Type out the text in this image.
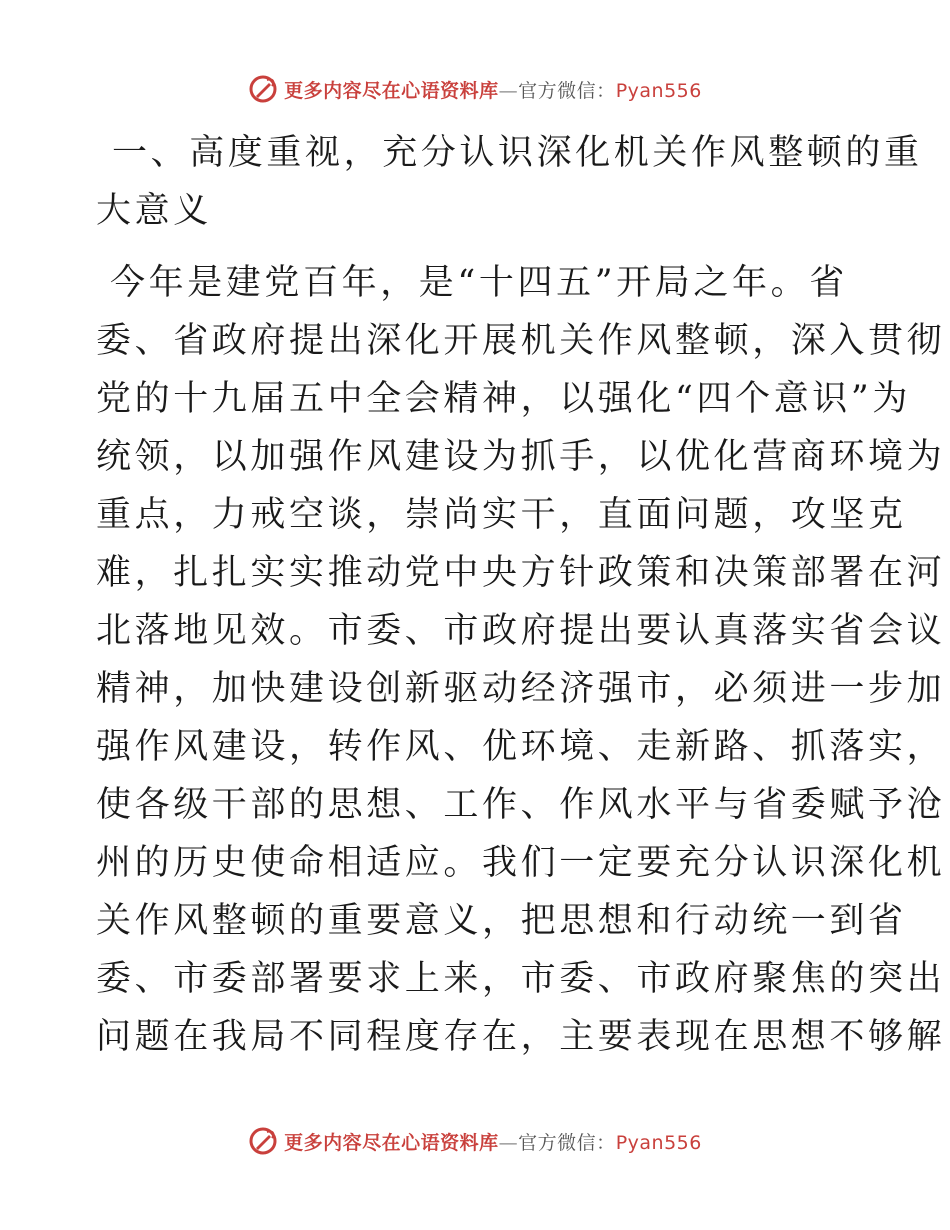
更多内容尽在心语资料库—官方微信：Pyan556
一、高度重视，充分认识深化机关作风整顿的重
大意义
今年是建党百年，是“十四五”开局之年。省
委、省政府提出深化开展机关作风整顿，深入贯彻
党的十九届五中全会精神，以强化“四个意识”为
统领，以加强作风建设为抓手，以优化营商环境为
重点，力戒空谈，崇尚实干，直面问题，攻坚克
难，扎扎实实推动党中央方针政策和决策部署在河
北落地见效。市委、市政府提出要认真落实省会议
精神，加快建设创新驱动经济强市，必须进一步加
强作风建设，转作风、优环境、走新路、抓落实，
使各级干部的思想、工作、作风水平与省委赋予沧
州的历史使命相适应。我们一定要充分认识深化机
关作风整顿的重要意义，把思想和行动统一到省
委、市委部署要求上来，市委、市政府聚焦的突出
问题在我局不同程度存在，主要表现在思想不够解
更多内容尽在心语资料库—官方微信：Pyan556
